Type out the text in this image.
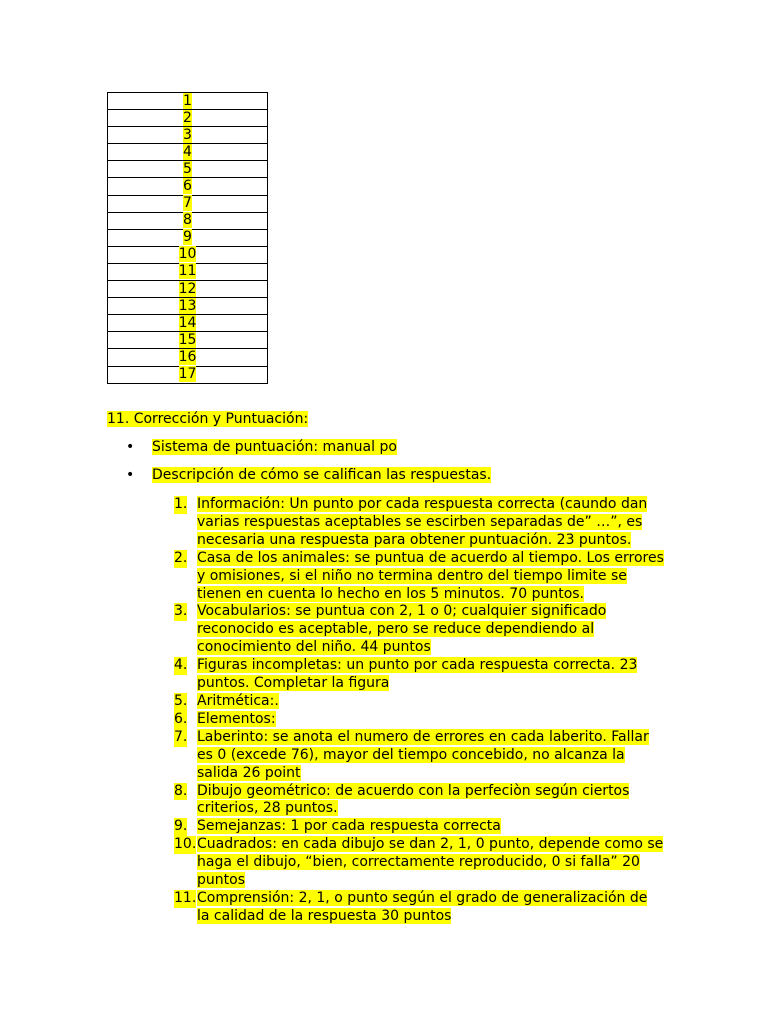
1
2
3
4
5
6
7
8
9
10
11
12
13
14
15
16
17
11. Corrección y Puntuación:
• Sistema de puntuación: manual po
• Descripción de cómo se califican las respuestas.
1. Información: Un punto por cada respuesta correcta (caundo dan varias respuestas aceptables se escirben separadas de” …”, es necesaria una respuesta para obtener puntuación. 23 puntos.
2. Casa de los animales: se puntua de acuerdo al tiempo. Los errores y omisiones, si el niño no termina dentro del tiempo limite se tienen en cuenta lo hecho en los 5 minutos. 70 puntos.
3. Vocabularios: se puntua con 2, 1 o 0; cualquier significado reconocido es aceptable, pero se reduce dependiendo al conocimiento del niño. 44 puntos
4. Figuras incompletas: un punto por cada respuesta correcta. 23 puntos. Completar la figura
5. Aritmética:.
6. Elementos:
7. Laberinto: se anota el numero de errores en cada laberito. Fallar es 0 (excede 76), mayor del tiempo concebido, no alcanza la salida 26 point
8. Dibujo geométrico: de acuerdo con la perfeciòn según ciertos criterios, 28 puntos.
9. Semejanzas: 1 por cada respuesta correcta
10. Cuadrados: en cada dibujo se dan 2, 1, 0 punto, depende como se haga el dibujo, “bien, correctamente reproducido, 0 si falla” 20 puntos
11. Comprensión: 2, 1, o punto según el grado de generalización de la calidad de la respuesta 30 puntos
